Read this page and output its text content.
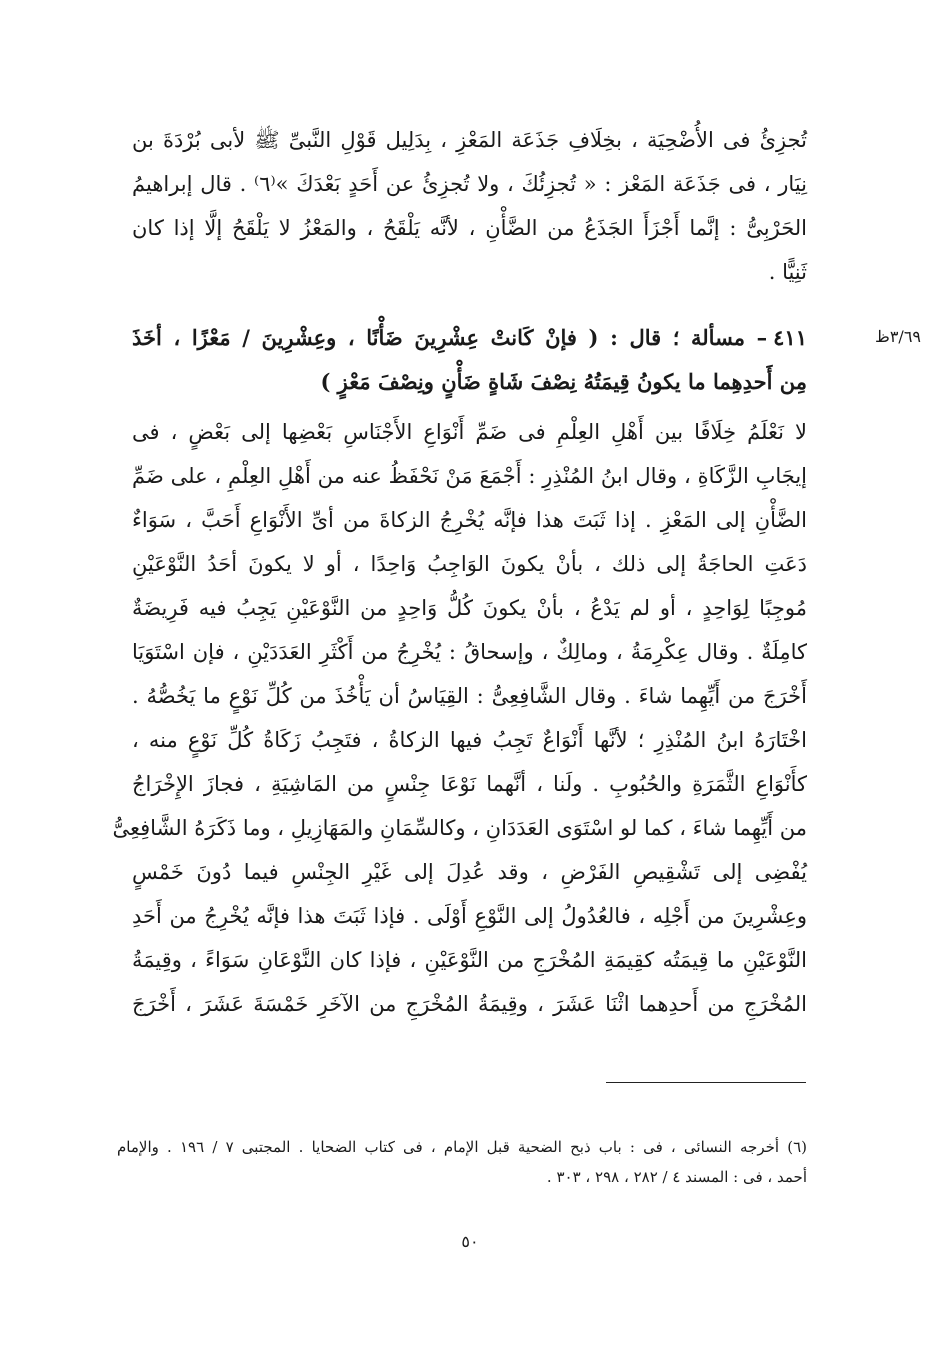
تُجزِئُ فى الأُضْحِيَة ، بخِلَافِ جَذَعَة المَعْزِ ، بِدَلِيل قَوْلِ النَّبىِّ ﷺ لأبى بُرْدَةَ بن
نِيَار ، فى جَذَعَة المَعْز : « تُجزِئُكَ ، ولا تُجزِئُ عن أَحَدٍ بَعْدَكَ »⁽٦⁾ . قال إبراهيمُ
الحَرْبِىُّ : إنَّما أَجْزَأَ الجَذَعُ من الضَّأْنِ ، لأنَّه يَلْقَحُ ، والمَعْزُ لا يَلْقَحُ إلَّا إذا كان
ثَنِيًّا .
٣/٦٩ظ
٤١١– مسألة ؛ قال : ( فإنْ كَانتْ عِشْرِينَ ضَأْنًا ، وعِشْرِينَ / مَعْزًا ، أخَذَ
مِن أَحدِهِما ما يكونُ قِيمَتُهُ نِصْفَ شَاةٍ ضَأْنٍ ونِصْفَ مَعْزٍ )
لا نَعْلَمُ خِلَافًا بين أَهْلِ العِلْمِ فى ضَمِّ أَنْوَاعِ الأَجْنَاسِ بَعْضِها إلى بَعْضٍ ، فى
إيجَابِ الزَّكَاةِ ، وقال ابنُ المُنْذِرِ : أَجْمَعَ مَنْ نَحْفَظُ عنه من أَهْلِ العِلْمِ ، على ضَمِّ
الضَّأْنِ إلى المَعْزِ . إذا ثَبَتَ هذا فإنَّه يُخْرِجُ الزكاةَ من أىِّ الأَنْوَاعِ أَحَبَّ ، سَوَاءٌ
دَعَتِ الحاجَةُ إلى ذلك ، بأنْ يكونَ الوَاجِبُ وَاحِدًا ، أو لا يكونَ أحَدُ النَّوْعَيْنِ
مُوجِبًا لِوَاحِدٍ ، أو لم يَدْعُ ، بأنْ يكونَ كُلُّ وَاحِدٍ من النَّوْعَيْنِ يَجِبُ فيه فَرِيضَةٌ
كامِلَةٌ . وقال عِكْرِمَةُ ، ومالِكٌ ، وإسحاقُ : يُخْرِجُ من أَكْثَرِ العَدَدَيْنِ ، فإن اسْتَوَيَا
أَخْرَجَ من أَيِّهِما شاءَ . وقال الشَّافِعِىُّ : القِيَاسُ أن يَأْخُذَ من كُلِّ نَوْعٍ ما يَخُصُّهُ .
اخْتَارَهُ ابنُ المُنْذِرِ ؛ لأنَّها أَنْوَاعٌ تَجِبُ فيها الزكاةُ ، فتَجِبُ زَكَاةُ كُلِّ نَوْعٍ منه ،
كأَنْوَاعِ الثَّمَرَةِ والحُبُوبِ . ولَنا ، أنَّهما نَوْعَا جِنْسٍ من المَاشِيَةِ ، فجازَ الإِخْرَاجُ
من أَيِّهِما شاءَ ، كما لو اسْتَوَى العَدَدَانِ ، وكالسِّمَانِ والمَهَازِيلِ ، وما ذَكَرَهُ الشَّافِعِىُّ
يُفْضِى إلى تَشْقِيصِ الفَرْضِ ، وقد عُدِلَ إلى غَيْرِ الجِنْسِ فيما دُونَ خَمْسٍ
وعِشْرِينَ من أَجْلِه ، فالعُدُولُ إلى النَّوْعِ أَوْلَى . فإذا ثَبَتَ هذا فإنَّه يُخْرِجُ من أَحَدِ
النَّوْعَيْنِ ما قِيمَتُه كقِيمَةِ المُخْرَجِ من النَّوْعَيْنِ ، فإذا كان النَّوْعَانِ سَوَاءً ، وقِيمَةُ
المُخْرَجِ من أَحدِهما اثْنَا عَشَرَ ، وقِيمَةُ المُخْرَجِ من الآخَرِ خَمْسَةَ عَشَرَ ، أَخْرَجَ
(٦) أخرجه النسائى ، فى : باب ذبح الضحية قبل الإمام ، فى كتاب الضحايا . المجتبى ٧ / ١٩٦ . والإمام
أحمد ، فى : المسند ٤ / ٢٨٢ ، ٢٩٨ ، ٣٠٣ .
٥٠
